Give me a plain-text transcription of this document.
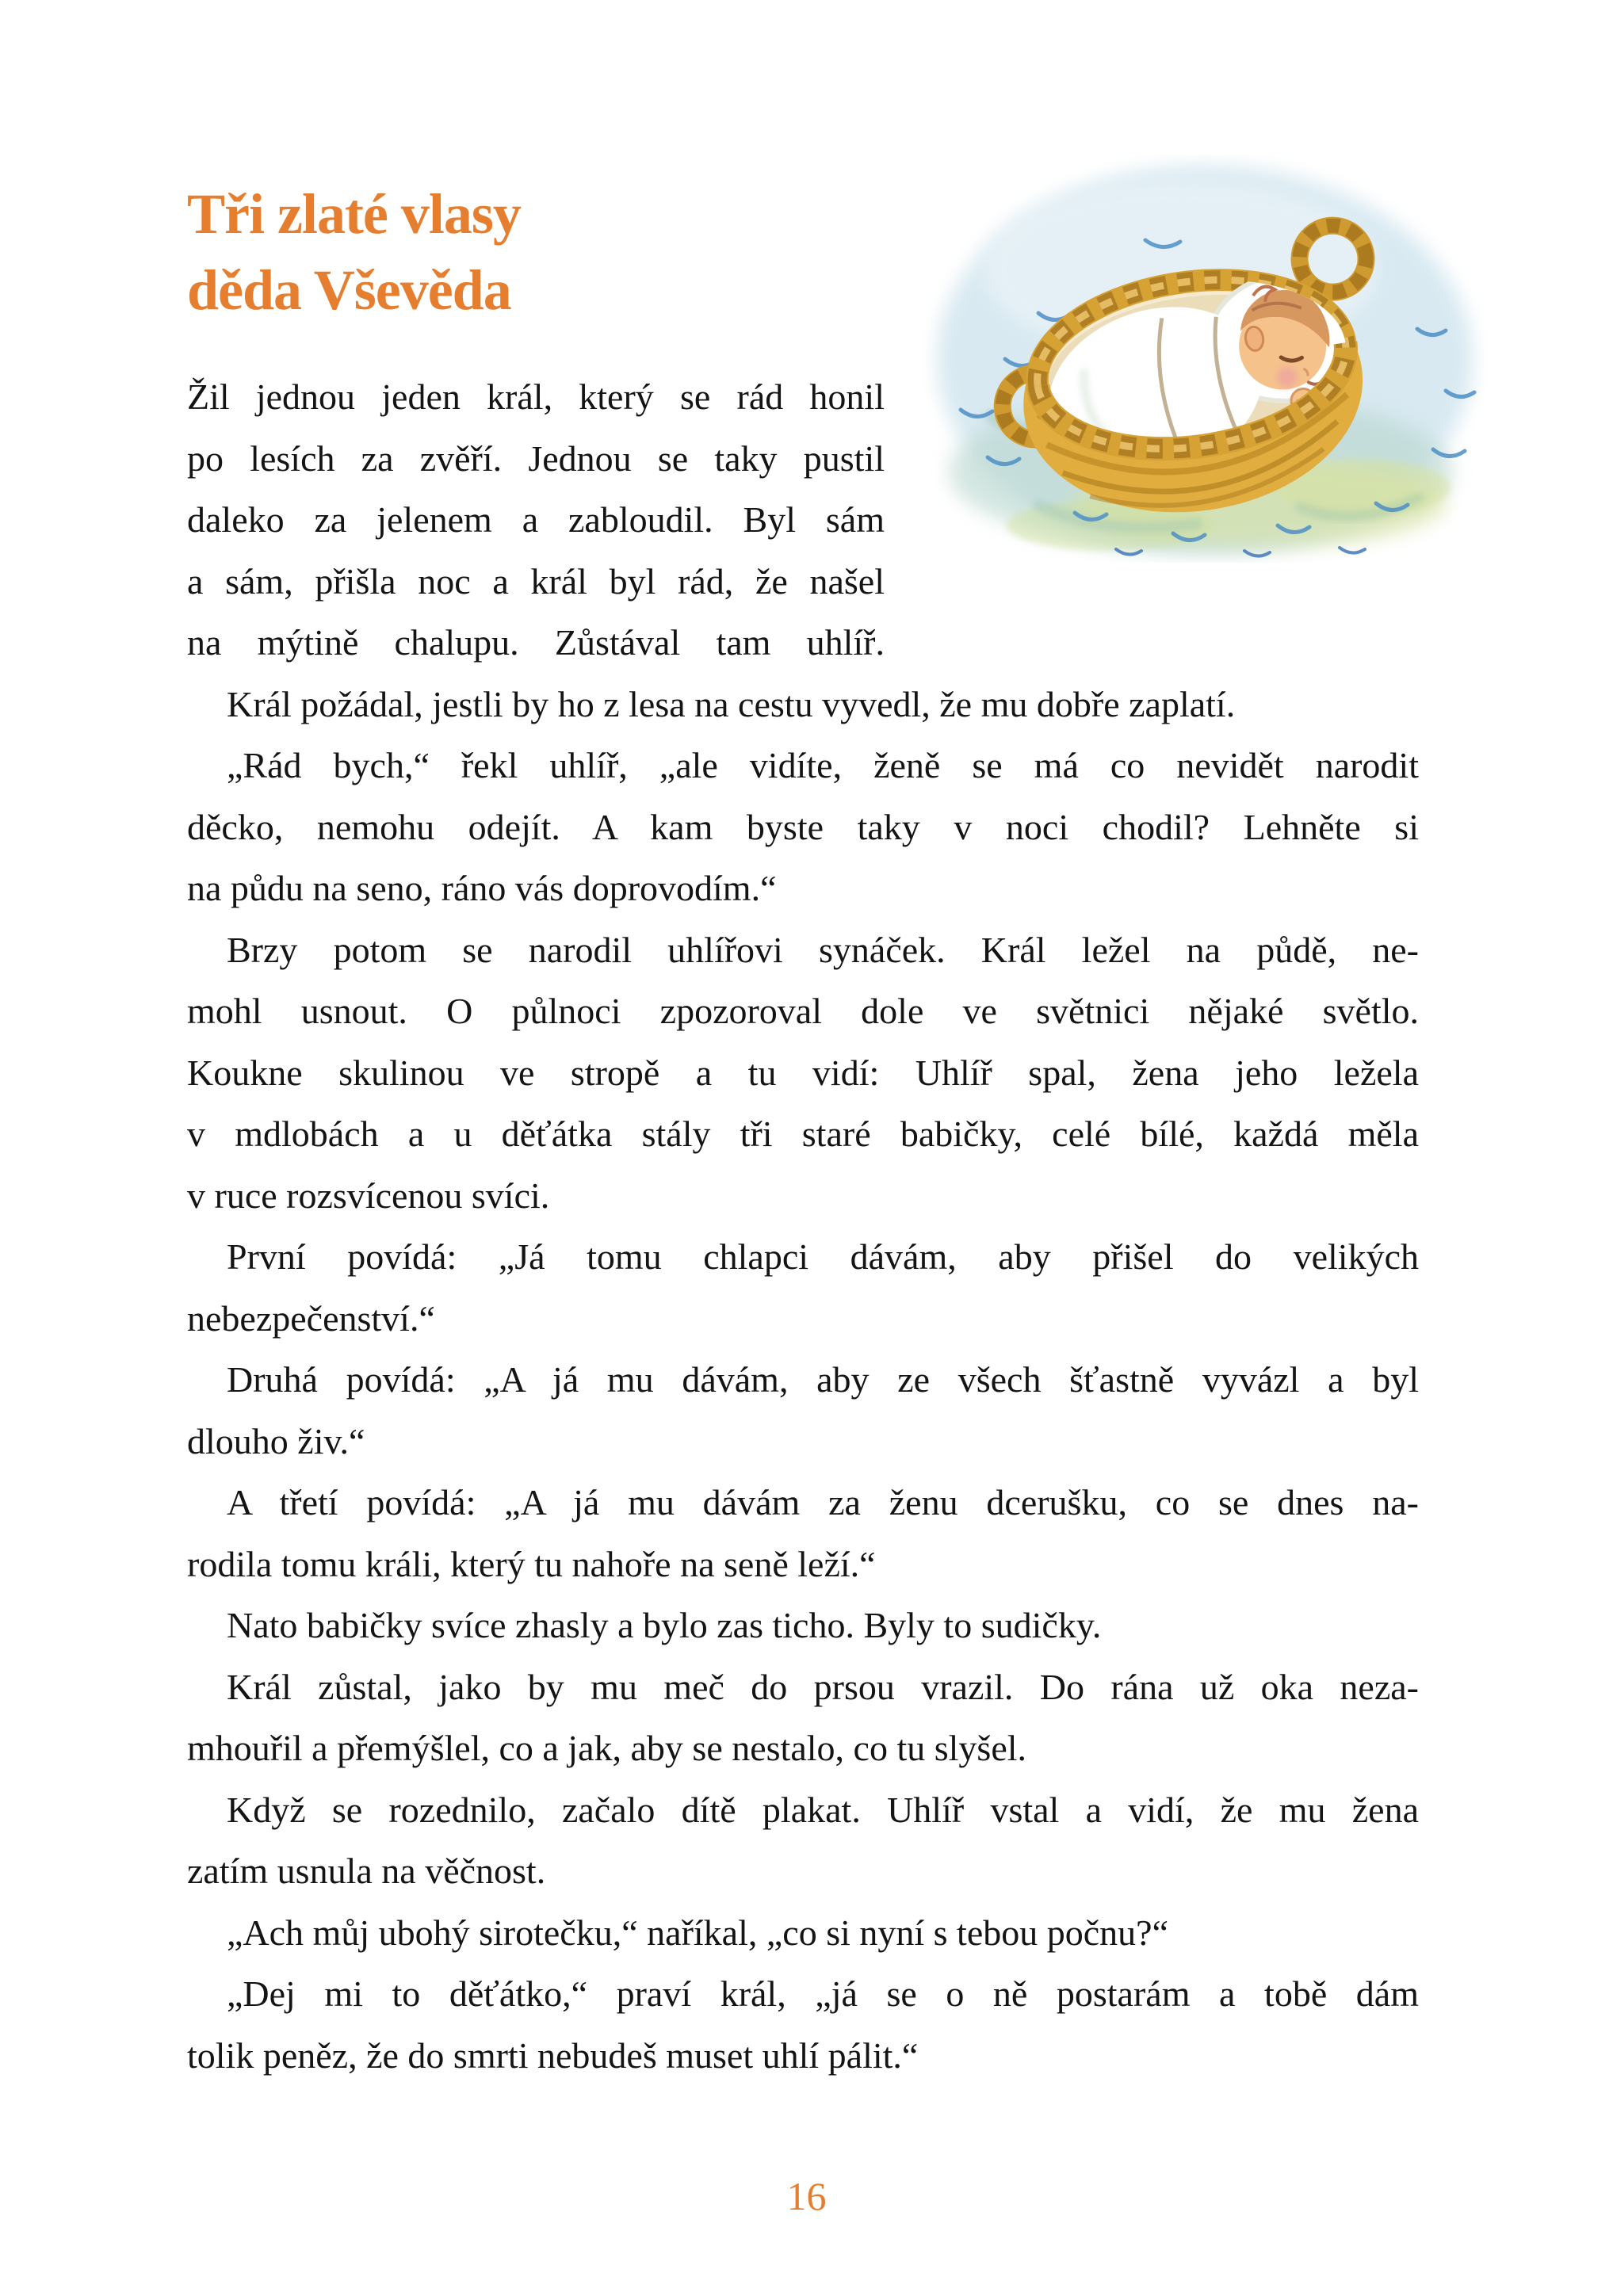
Tři zlaté vlasy
děda Vševěda
Žil jednou jeden král, který se rád honil
po lesích za zvěří. Jednou se taky pustil
daleko za jelenem a zabloudil. Byl sám
a sám, přišla noc a král byl rád, že našel
na mýtině chalupu. Zůstával tam uhlíř.
Král požádal, jestli by ho z lesa na cestu vyvedl, že mu dobře zaplatí.
„Rád bych,“ řekl uhlíř, „ale vidíte, ženě se má co nevidět narodit
děcko, nemohu odejít. A kam byste taky v noci chodil? Lehněte si
na půdu na seno, ráno vás doprovodím.“
Brzy potom se narodil uhlířovi synáček. Král ležel na půdě, ne-
mohl usnout. O půlnoci zpozoroval dole ve světnici nějaké světlo.
Koukne skulinou ve stropě a tu vidí: Uhlíř spal, žena jeho ležela
v mdlobách a u děťátka stály tři staré babičky, celé bílé, každá měla
v ruce rozsvícenou svíci.
První povídá: „Já tomu chlapci dávám, aby přišel do velikých
nebezpečenství.“
Druhá povídá: „A já mu dávám, aby ze všech šťastně vyvázl a byl
dlouho živ.“
A třetí povídá: „A já mu dávám za ženu dcerušku, co se dnes na-
rodila tomu králi, který tu nahoře na seně leží.“
Nato babičky svíce zhasly a bylo zas ticho. Byly to sudičky.
Král zůstal, jako by mu meč do prsou vrazil. Do rána už oka neza-
mhouřil a přemýšlel, co a jak, aby se nestalo, co tu slyšel.
Když se rozednilo, začalo dítě plakat. Uhlíř vstal a vidí, že mu žena
zatím usnula na věčnost.
„Ach můj ubohý sirotečku,“ naříkal, „co si nyní s tebou počnu?“
„Dej mi to děťátko,“ praví král, „já se o ně postarám a tobě dám
tolik peněz, že do smrti nebudeš muset uhlí pálit.“
16
